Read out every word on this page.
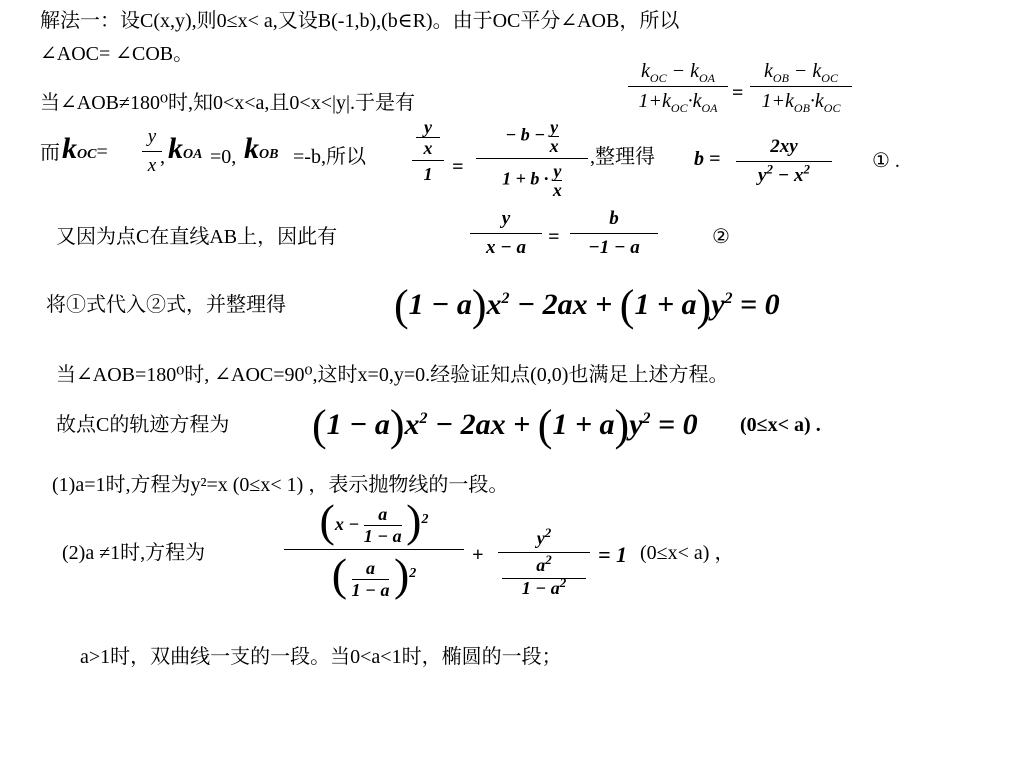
解法一：设C(x,y),则0≤x< a,又设B(-1,b),(b∈R)。由于OC平分∠AOB，所以
∠AOC= ∠COB。
$k_{OC} - k_{OA}$
$1+k_{OC}\cdot k_{OA}$
=
$k_{OB} - k_{OC}$
$1+k_{OB}\cdot k_{OC}$
当∠AOB≠180⁰时,知0<x<a,且0<x<|y|.于是有
而 kOC=
y
x , kOA =0, kOB =-b,所以
y
x
1 =
− b − y

x
1 + b · y

x
,整理得 b =
2xy
$y^2 - x^2$	① .
又因为点C在直线AB上，因此有
y
x − a	=
b
−1 − a	②
将①式代入②式，并整理得 $(1 - a)x^2 - 2ax + (1 + a)y^2 = 0$
当∠AOB=180⁰时, ∠AOC=90⁰,这时x=0,y=0.经验证知点(0,0)也满足上述方程。
故点C的轨迹方程为 $(1 - a)x^2 - 2ax + (1 + a)y^2 = 0$ (0≤x< a) .
(1)a=1时,方程为y²=x (0≤x< 1) ，表示抛物线的一段。
(2)a ≠1时,方程为
(x − a

1 − a )$^2$
( a

1 − a )$^2$
+
$y^2$
$a^2$

$1 - a^2$
= 1 (0≤x< a) ，
a>1时，双曲线一支的一段。当0<a<1时，椭圆的一段；
